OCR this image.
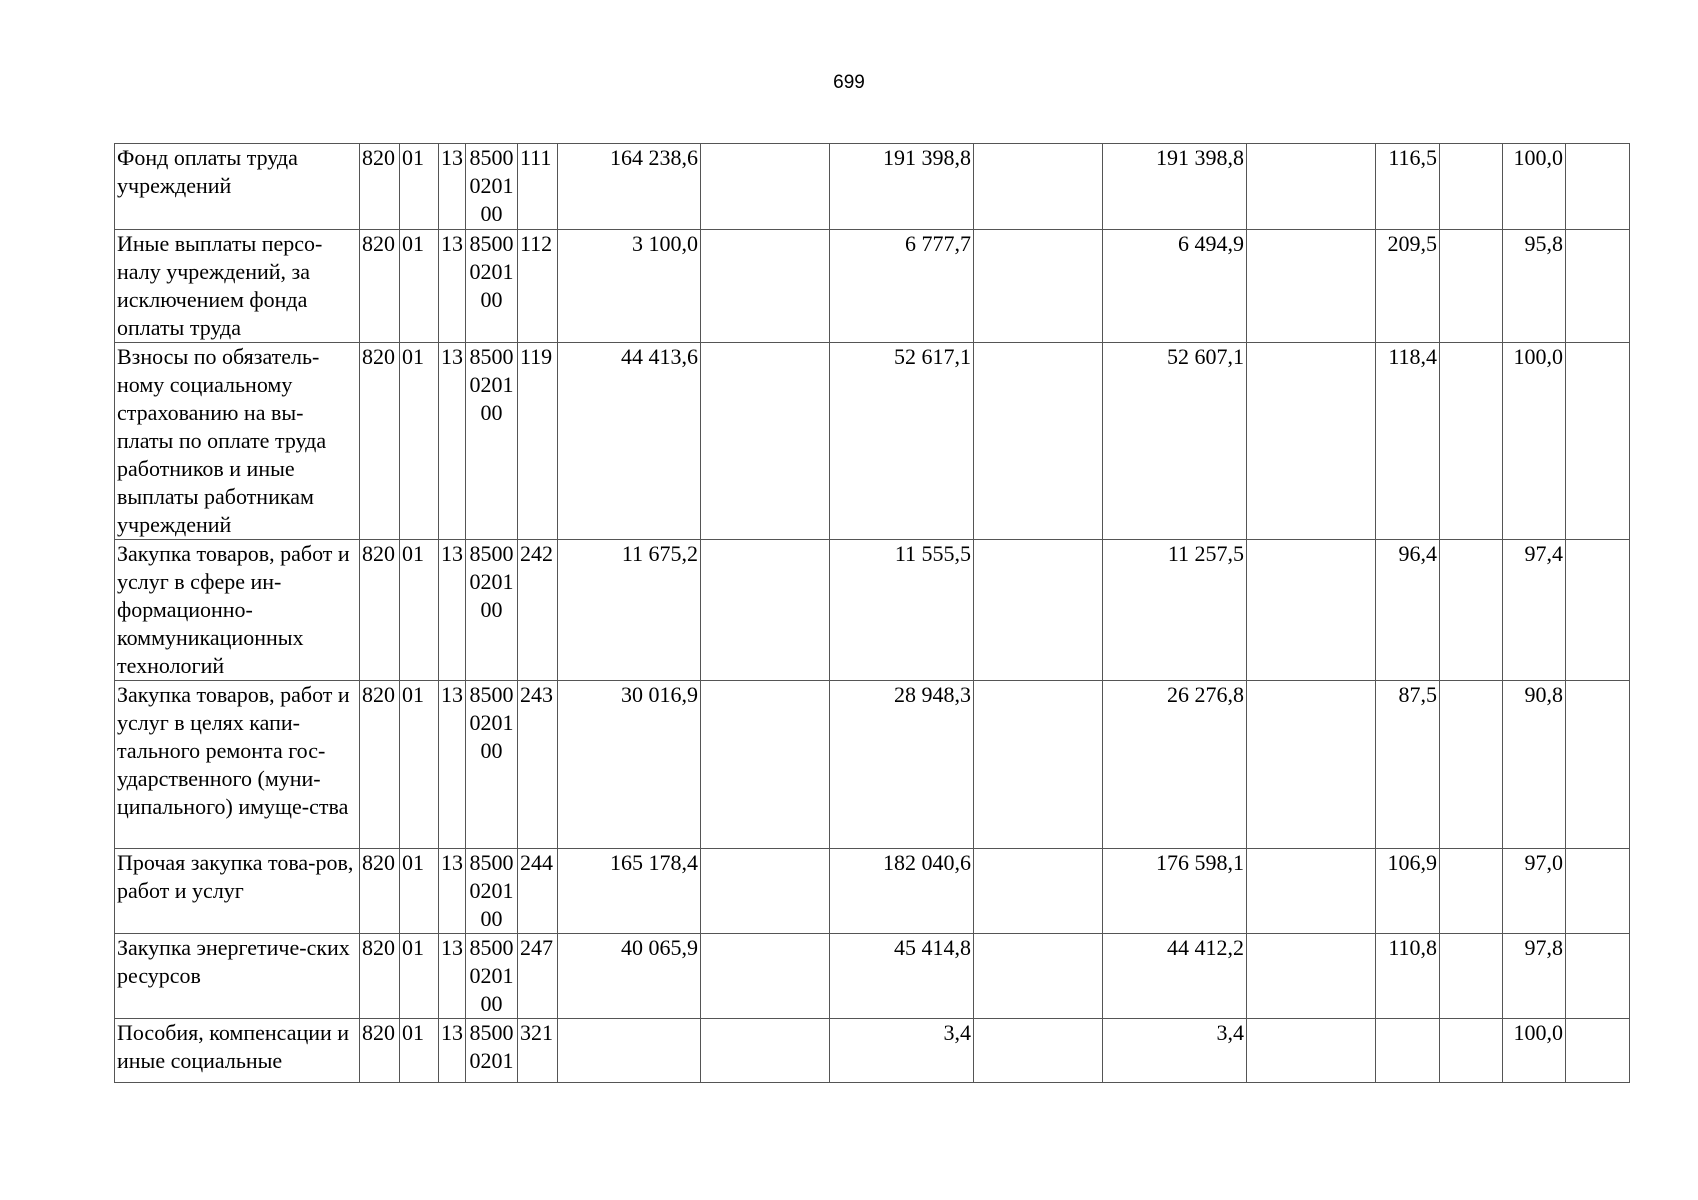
699
Фонд оплаты труда учреждений	820	01	13	8500 0201 00	111	164 238,6		191 398,8		191 398,8		116,5		100,0	
Иные выплаты персо-налу учреждений, за исключением фонда оплаты труда	820	01	13	8500 0201 00	112	3 100,0		6 777,7		6 494,9		209,5		95,8	
Взносы по обязатель-ному социальному страхованию на вы-платы по оплате труда работников и иные выплаты работникам учреждений	820	01	13	8500 0201 00	119	44 413,6		52 617,1		52 607,1		118,4		100,0	
Закупка товаров, работ и услуг в сфере ин-формационно-коммуникационных технологий	820	01	13	8500 0201 00	242	11 675,2		11 555,5		11 257,5		96,4		97,4	
Закупка товаров, работ и услуг в целях капи-тального ремонта гос-ударственного (муни-ципального) имуще-ства	820	01	13	8500 0201 00	243	30 016,9		28 948,3		26 276,8		87,5		90,8	
Прочая закупка това-ров, работ и услуг	820	01	13	8500 0201 00	244	165 178,4		182 040,6		176 598,1		106,9		97,0	
Закупка энергетиче-ских ресурсов	820	01	13	8500 0201 00	247	40 065,9		45 414,8		44 412,2		110,8		97,8	
Пособия, компенсации и иные социальные	820	01	13	8500 0201	321			3,4		3,4				100,0	
